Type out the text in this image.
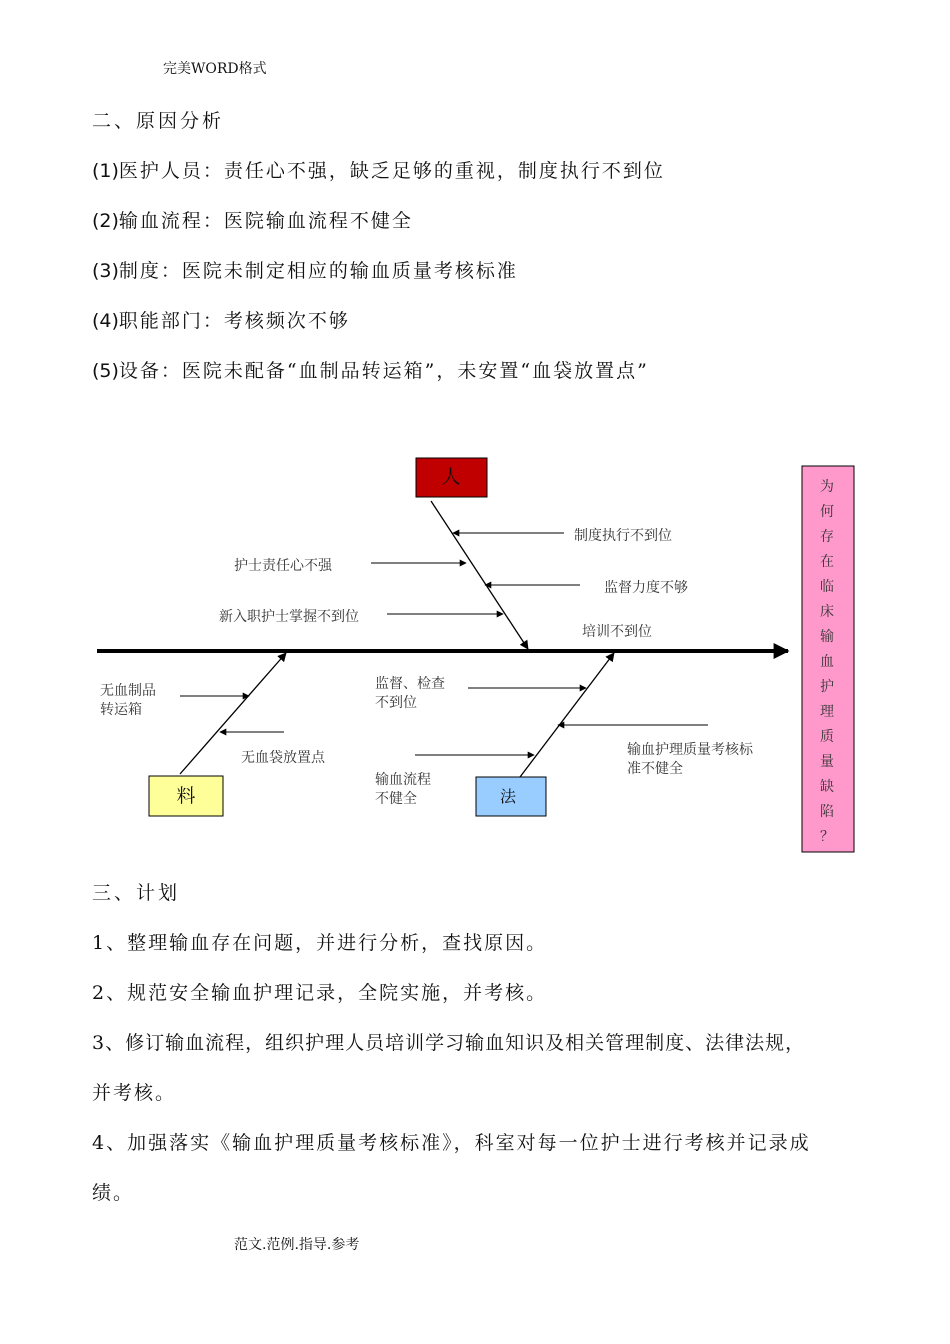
完美WORD格式
二、原因分析
(1)医护人员：责任心不强，缺乏足够的重视，制度执行不到位
(2)输血流程：医院输血流程不健全
(3)制度：医院未制定相应的输血质量考核标准
(4)职能部门：考核频次不够
(5)设备：医院未配备“血制品转运箱”，未安置“血袋放置点”
人
料	法
为何存在临床输血护理质量缺陷？
制度执行不到位
护士责任心不强
监督力度不够
新入职护士掌握不到位
培训不到位
无血制品
转运箱
无血袋放置点
监督、检查
不到位
输血护理质量考核标
准不健全
输血流程
不健全
三、计划
1、整理输血存在问题，并进行分析，查找原因。
2、规范安全输血护理记录，全院实施，并考核。
3、修订输血流程，组织护理人员培训学习输血知识及相关管理制度、法律法规，
并考核。
4、加强落实《输血护理质量考核标准》，科室对每一位护士进行考核并记录成
绩。
范文.范例.指导.参考
